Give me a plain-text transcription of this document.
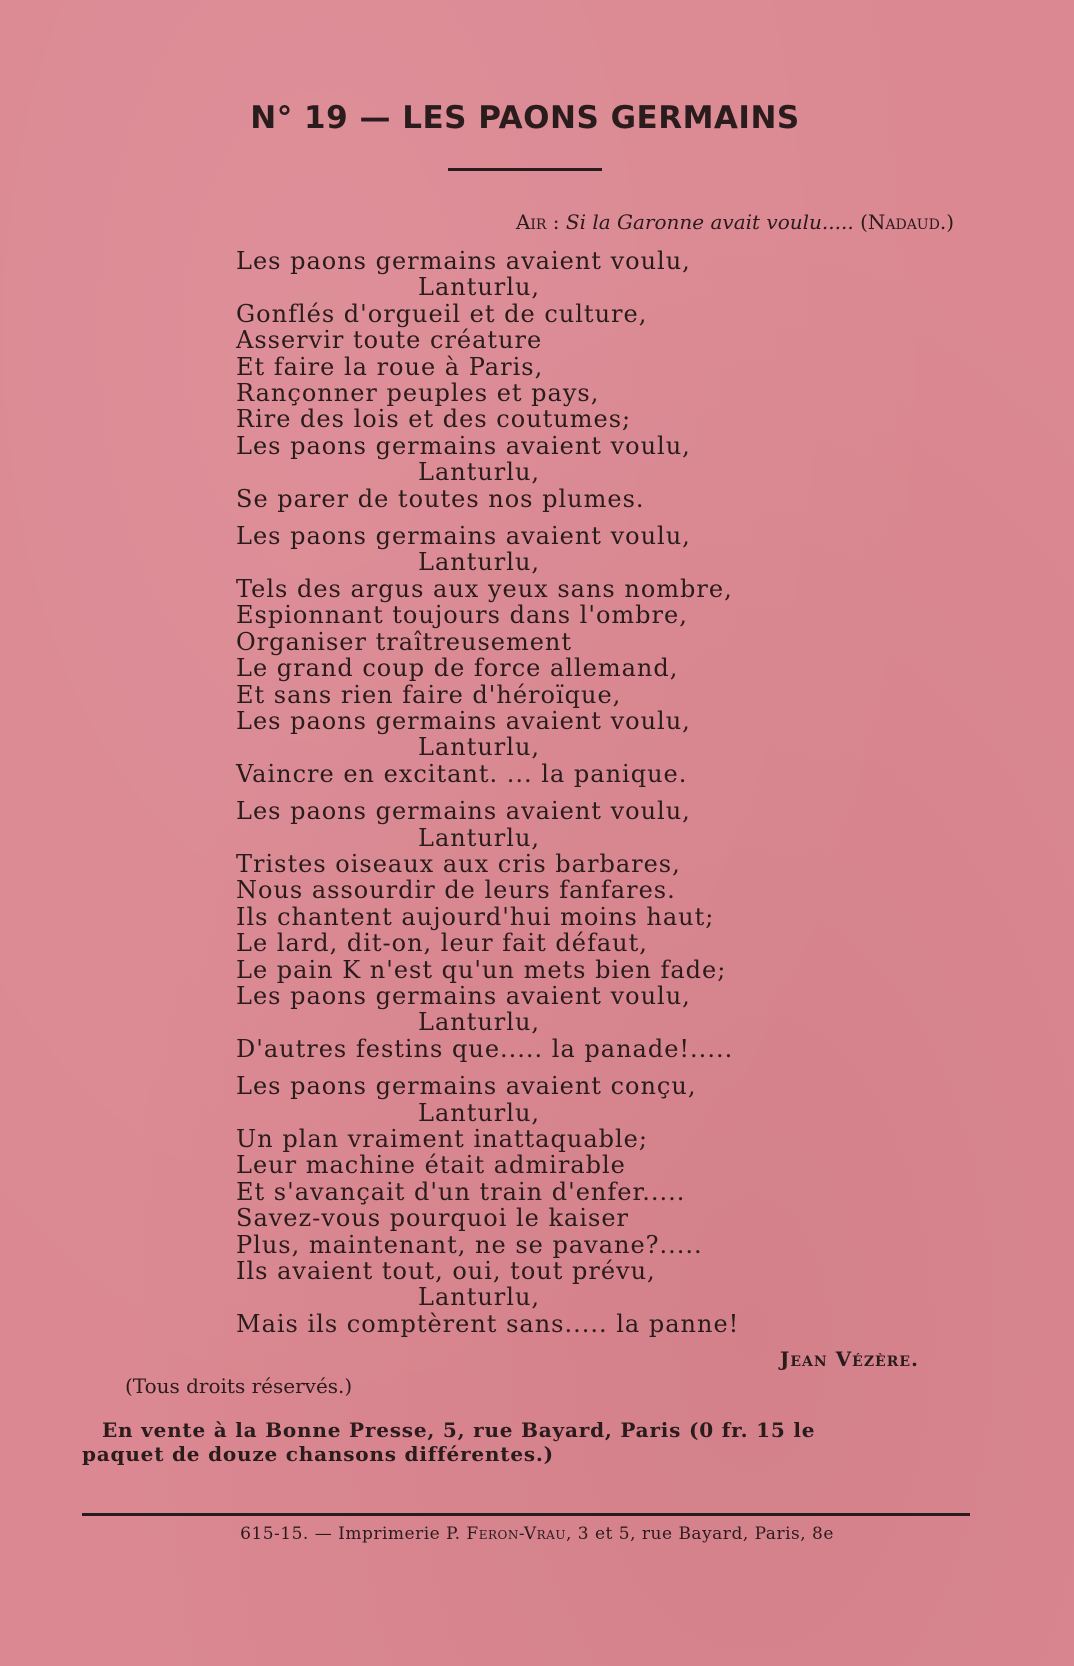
N° 19 — LES PAONS GERMAINS
Air : Si la Garonne avait voulu..... (Nadaud.)
Les paons germains avaient voulu,
Lanturlu,
Gonflés d'orgueil et de culture,
Asservir toute créature
Et faire la roue à Paris,
Rançonner peuples et pays,
Rire des lois et des coutumes;
Les paons germains avaient voulu,
Lanturlu,
Se parer de toutes nos plumes.
Les paons germains avaient voulu,
Lanturlu,
Tels des argus aux yeux sans nombre,
Espionnant toujours dans l'ombre,
Organiser traîtreusement
Le grand coup de force allemand,
Et sans rien faire d'héroïque,
Les paons germains avaient voulu,
Lanturlu,
Vaincre en excitant. ... la panique.
Les paons germains avaient voulu,
Lanturlu,
Tristes oiseaux aux cris barbares,
Nous assourdir de leurs fanfares.
Ils chantent aujourd'hui moins haut;
Le lard, dit-on, leur fait défaut,
Le pain K n'est qu'un mets bien fade;
Les paons germains avaient voulu,
Lanturlu,
D'autres festins que..... la panade!.....
Les paons germains avaient conçu,
Lanturlu,
Un plan vraiment inattaquable;
Leur machine était admirable
Et s'avançait d'un train d'enfer.....
Savez-vous pourquoi le kaiser
Plus, maintenant, ne se pavane?.....
Ils avaient tout, oui, tout prévu,
Lanturlu,
Mais ils comptèrent sans..... la panne!
Jean Vézère.
(Tous droits réservés.)
En vente à la Bonne Presse, 5, rue Bayard, Paris (0 fr. 15 le
paquet de douze chansons différentes.)
615-15. — Imprimerie P. Feron-Vrau, 3 et 5, rue Bayard, Paris, 8e
